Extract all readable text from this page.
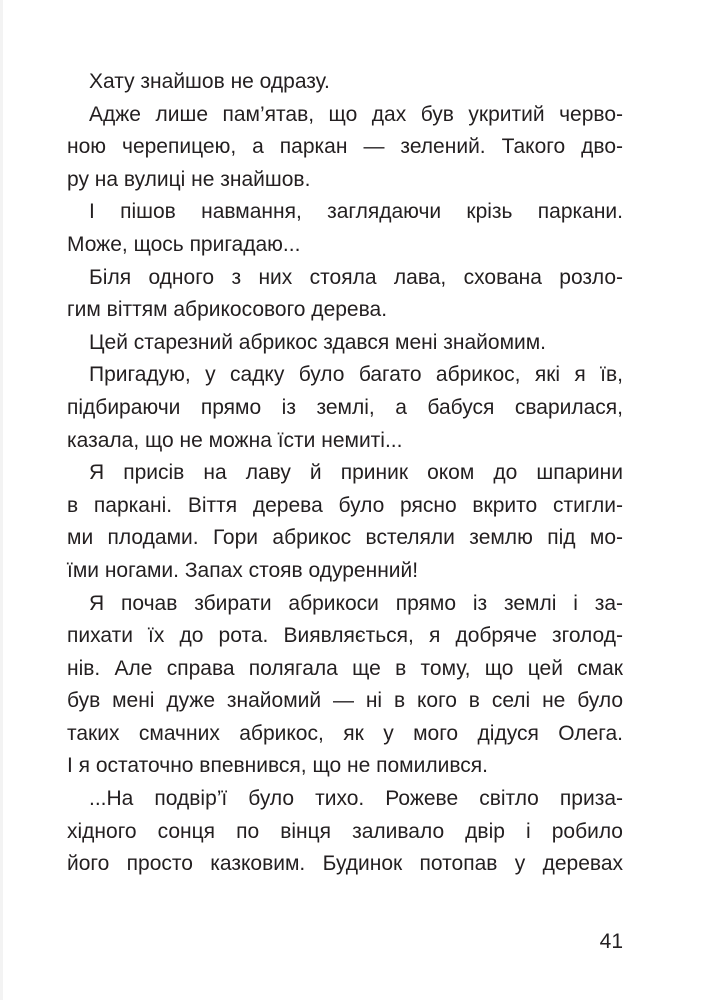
Хату знайшов не одразу.
Адже лише пам’ятав, що дах був укритий черво-
ною черепицею, а паркан — зелений. Такого дво-
ру на вулиці не знайшов.
І пішов навмання, заглядаючи крізь паркани.
Може, щось пригадаю...
Біля одного з них стояла лава, схована розло-
гим віттям абрикосового дерева.
Цей старезний абрикос здався мені знайомим.
Пригадую, у садку було багато абрикос, які я їв,
підбираючи прямо із землі, а бабуся сварилася,
казала, що не можна їсти немиті...
Я присів на лаву й приник оком до шпарини
в паркані. Віття дерева було рясно вкрито стигли-
ми плодами. Гори абрикос встеляли землю під мо-
їми ногами. Запах стояв одуренний!
Я почав збирати абрикоси прямо із землі і за-
пихати їх до рота. Виявляється, я добряче зголод-
нів. Але справа полягала ще в тому, що цей смак
був мені дуже знайомий — ні в кого в селі не було
таких смачних абрикос, як у мого дідуся Олега.
І я остаточно впевнився, що не помилився.
...На подвір’ї було тихо. Рожеве світло приза-
хідного сонця по вінця заливало двір і робило
його просто казковим. Будинок потопав у деревах
41
